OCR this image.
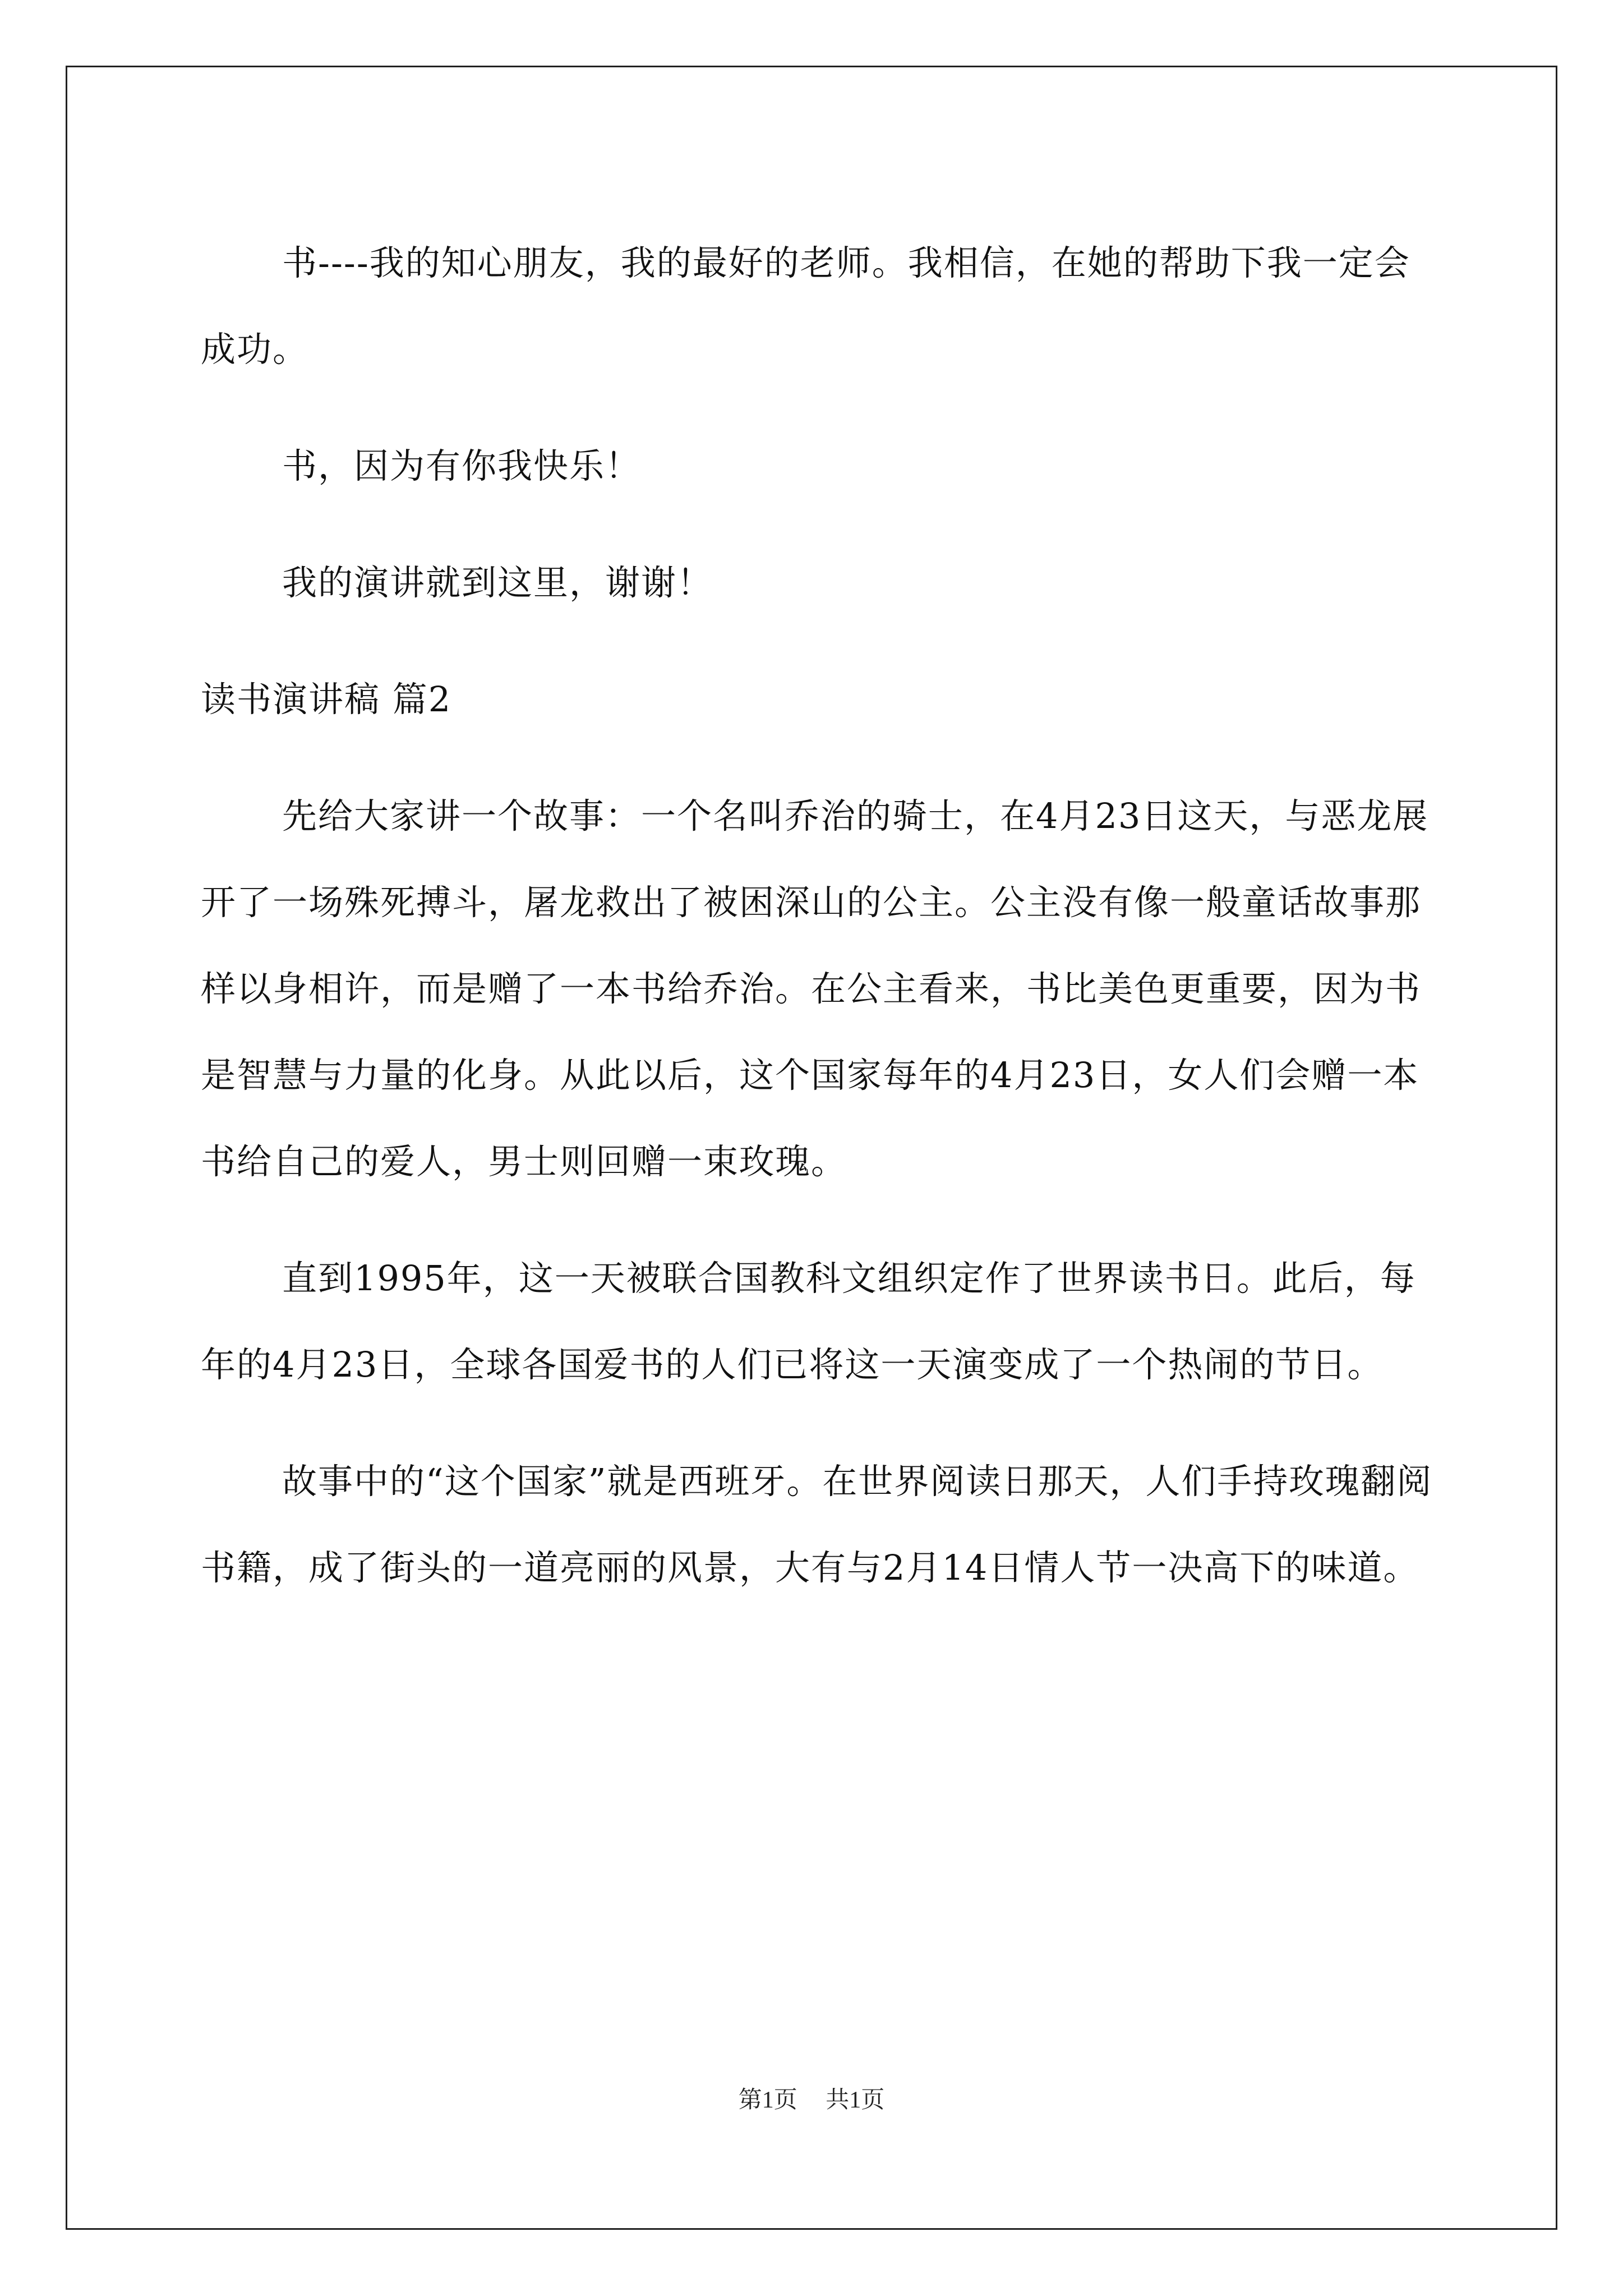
书----我的知心朋友，我的最好的老师。我相信，在她的帮助下我一定会成功。

书，因为有你我快乐！

我的演讲就到这里，谢谢！

读书演讲稿 篇2

先给大家讲一个故事：一个名叫乔治的骑士，在4月23日这天，与恶龙展开了一场殊死搏斗，屠龙救出了被困深山的公主。公主没有像一般童话故事那样以身相许，而是赠了一本书给乔治。在公主看来，书比美色更重要，因为书是智慧与力量的化身。从此以后，这个国家每年的4月23日，女人们会赠一本书给自己的爱人，男士则回赠一束玫瑰。

直到1995年，这一天被联合国教科文组织定作了世界读书日。此后，每年的4月23日，全球各国爱书的人们已将这一天演变成了一个热闹的节日。

故事中的“这个国家”就是西班牙。在世界阅读日那天，人们手持玫瑰翻阅书籍，成了街头的一道亮丽的风景，大有与2月14日情人节一决高下的味道。

第1页 共1页
